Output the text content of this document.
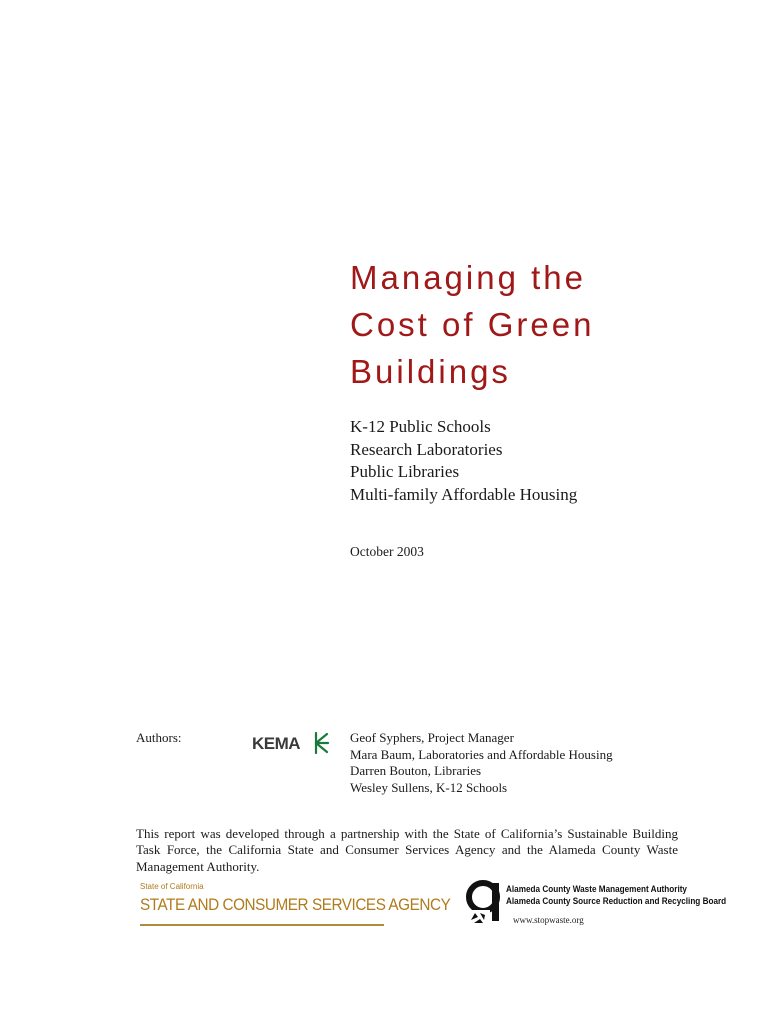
Managing the
Cost of Green
Buildings
K-12 Public Schools
Research Laboratories
Public Libraries
Multi-family Affordable Housing
October 2003
Authors:	KEMA	Geof Syphers, Project Manager
Mara Baum, Laboratories and Affordable Housing
Darren Bouton, Libraries
Wesley Sullens, K-12 Schools

This report was developed through a partnership with the State of California’s Sustainable Building Task Force, the California State and Consumer Services Agency and the Alameda County Waste Management Authority.

State of California
STATE AND CONSUMER SERVICES AGENCY
Alameda County Waste Management Authority
Alameda County Source Reduction and Recycling Board
www.stopwaste.org
